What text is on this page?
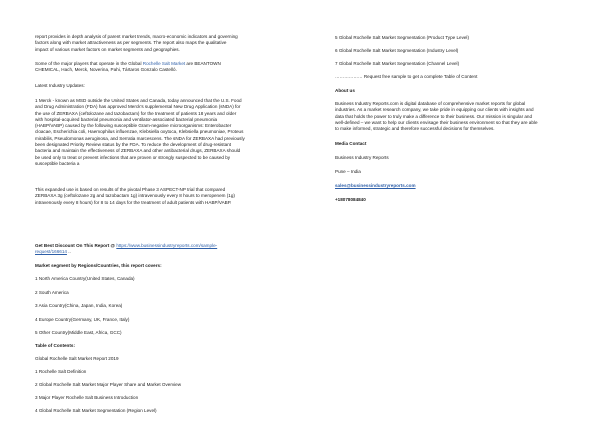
report provides in depth analysis of parent market trends, macro-economic indicators and governing

factors along with market attractiveness as per segments. The report also maps the qualitative

impact of various market factors on market segments and geographies.

Some of the major players that operate in the Global Rochelle Salt Market are BEANTOWN

CHEMICAL, Hach, Merck, Noverina, Pahi, Tártaros Gonzalo Castelló.

Latest Industry Updates:

1 Merck - known as MSD outside the United States and Canada, today announced that the U.S. Food

and Drug Administration (FDA) has approved Merck's supplemental New Drug Application (sNDA) for

the use of ZERBAXA (ceftolozane and tazobactam) for the treatment of patients 18 years and older

with hospital-acquired bacterial pneumonia and ventilator-associated bacterial pneumonia

(HABP/VABP) caused by the following susceptible Gram-negative microorganisms: Enterobacter

cloacae, Escherichia coli, Haemophilus influenzae, Klebsiella oxytoca, Klebsiella pneumoniae, Proteus

mirabilis, Pseudomonas aeruginosa, and Serratia marcescens. The sNDA for ZERBAXA had previously

been designated Priority Review status by the FDA. To reduce the development of drug-resistant

bacteria and maintain the effectiveness of ZERBAXA and other antibacterial drugs, ZERBAXA should

be used only to treat or prevent infections that are proven or strongly suspected to be caused by

susceptible bacteria a

This expanded use is based on results of the pivotal Phase 3 ASPECT-NP trial that compared

ZERBAXA 3g (ceftolozane 2g and tazobactam 1g) intravenously every 8 hours to meropenem (1g)

intravenously every 8 hours) for 8 to 14 days for the treatment of adult patients with HABP/VABP.

Get Best Discount On This Report @ https://www.businessindustryreports.com/sample-

request/166614 ..

Market segment by Regions/Countries, this report covers:

1 North America Country(United States, Canada)

2 South America

3 Asia Country(China, Japan, India, Korea)

4 Europe Country(Germany, UK, France, Italy)

5 Other Country(Middle East, Africa, GCC)

Table of Contents:

Global Rochelle Salt Market Report 2019

1 Rochelle Salt Definition

2 Global Rochelle Salt Market Major Player Share and Market Overview

3 Major Player Rochelle Salt Business Introduction

4 Global Rochelle Salt Market Segmentation (Region Level)

5 Global Rochelle Salt Market Segmentation (Product Type Level)

6 Global Rochelle Salt Market Segmentation (Industry Level)

7 Global Rochelle Salt Market Segmentation (Channel Level)

……………… Request free sample to get a complete Table of Content

About us

Business Industry Reports.com is digital database of comprehensive market reports for global

industries. As a market research company, we take pride in equipping our clients with insights and

data that holds the power to truly make a difference to their business. Our mission is singular and

well-defined – we want to help our clients envisage their business environment so that they are able

to make informed, strategic and therefore successful decisions for themselves.

Media Contact

Business Industry Reports

Pune – India

sales@businessindustryreports.com

+18078084840
